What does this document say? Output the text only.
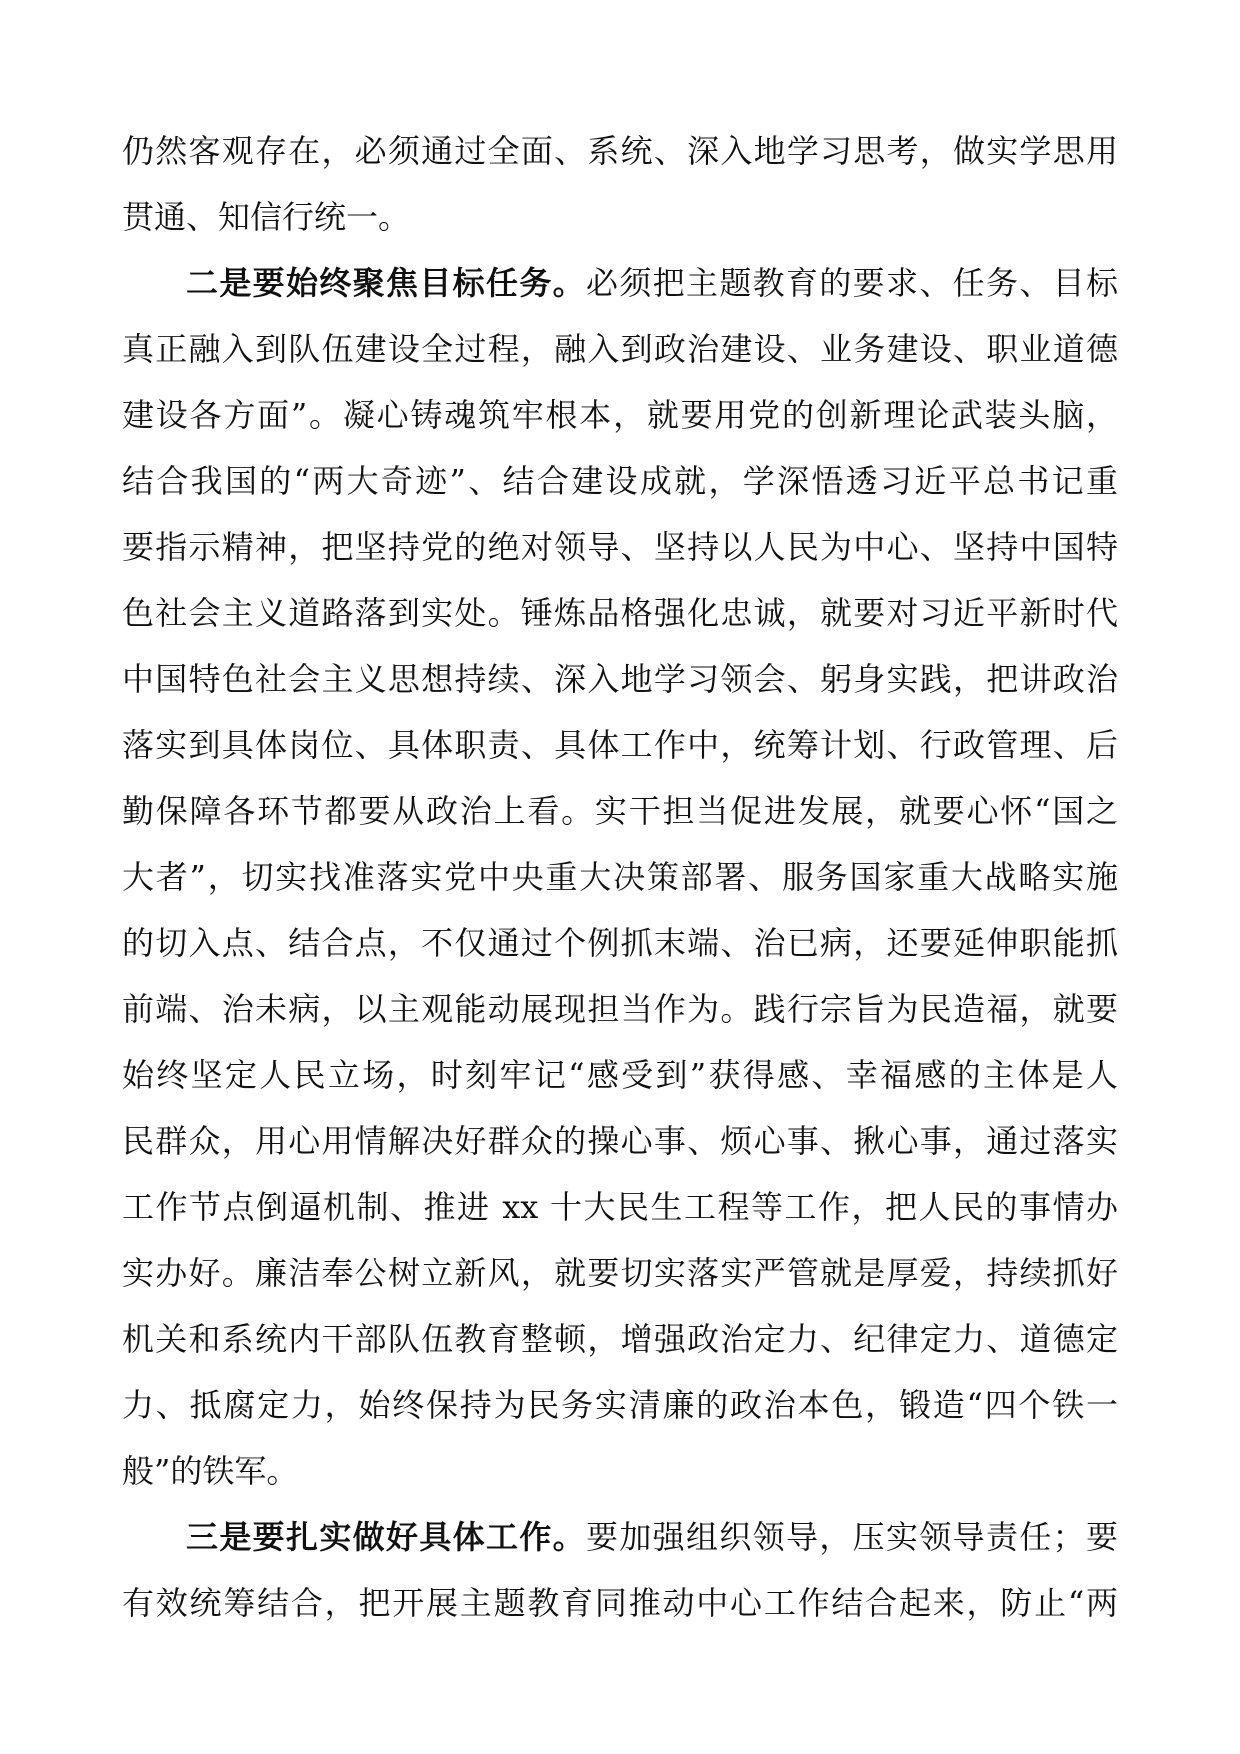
仍然客观存在，必须通过全面、系统、深入地学习思考，做实学思用
贯通、知信行统一。
二是要始终聚焦目标任务。必须把主题教育的要求、任务、目标
真正融入到队伍建设全过程，融入到政治建设、业务建设、职业道德
建设各方面”。凝心铸魂筑牢根本，就要用党的创新理论武装头脑，
结合我国的“两大奇迹”、结合建设成就，学深悟透习近平总书记重
要指示精神，把坚持党的绝对领导、坚持以人民为中心、坚持中国特
色社会主义道路落到实处。锤炼品格强化忠诚，就要对习近平新时代
中国特色社会主义思想持续、深入地学习领会、躬身实践，把讲政治
落实到具体岗位、具体职责、具体工作中，统筹计划、行政管理、后
勤保障各环节都要从政治上看。实干担当促进发展，就要心怀“国之
大者”，切实找准落实党中央重大决策部署、服务国家重大战略实施
的切入点、结合点，不仅通过个例抓末端、治已病，还要延伸职能抓
前端、治未病，以主观能动展现担当作为。践行宗旨为民造福，就要
始终坚定人民立场，时刻牢记“感受到”获得感、幸福感的主体是人
民群众，用心用情解决好群众的操心事、烦心事、揪心事，通过落实
工作节点倒逼机制、推进 xx 十大民生工程等工作，把人民的事情办
实办好。廉洁奉公树立新风，就要切实落实严管就是厚爱，持续抓好
机关和系统内干部队伍教育整顿，增强政治定力、纪律定力、道德定
力、抵腐定力，始终保持为民务实清廉的政治本色，锻造“四个铁一
般”的铁军。
三是要扎实做好具体工作。要加强组织领导，压实领导责任；要
有效统筹结合，把开展主题教育同推动中心工作结合起来，防止“两
